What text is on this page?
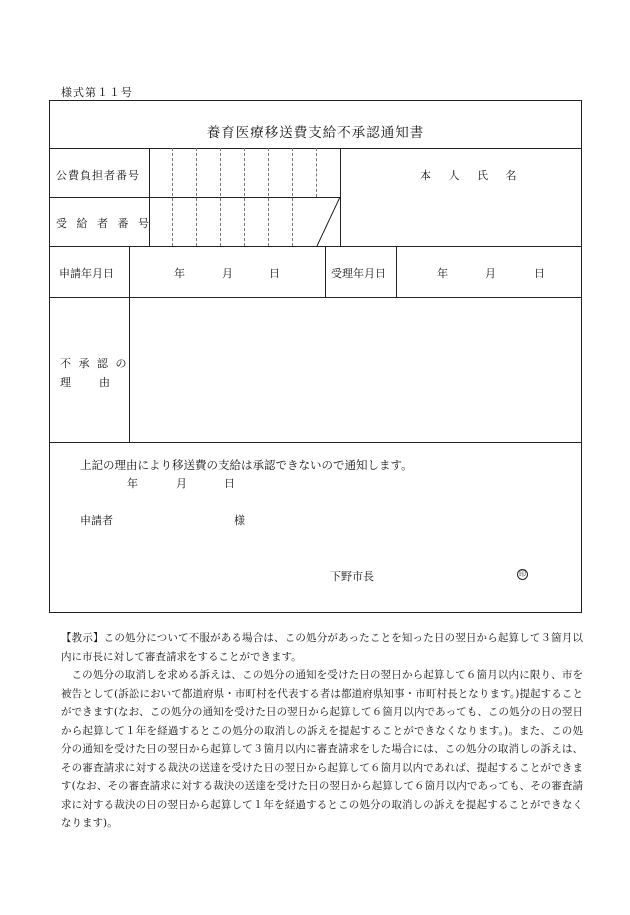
様式第１１号
養育医療移送費支給不承認通知書
公費負担者番号
受 給 者 番 号
本 人 氏 名
申請年月日	年	月	日	受理年月日	年	月	日
不 承 認 の
理　　由
上記の理由により移送費の支給は承認できないので通知します。
年	月	日
申請者	様
下野市長	印

【教示】この処分について不服がある場合は、この処分があったことを知った日の翌日から起算して３箇月以内に市長に対して審査請求をすることができます。

この処分の取消しを求める訴えは、この処分の通知を受けた日の翌日から起算して６箇月以内に限り、市を被告として(訴訟において都道府県・市町村を代表する者は都道府県知事・市町村長となります。)提起することができます(なお、この処分の通知を受けた日の翌日から起算して６箇月以内であっても、この処分の日の翌日から起算して１年を経過するとこの処分の取消しの訴えを提起することができなくなります。)。また、この処分の通知を受けた日の翌日から起算して３箇月以内に審査請求をした場合には、この処分の取消しの訴えは、その審査請求に対する裁決の送達を受けた日の翌日から起算して６箇月以内であれば、提起することができます(なお、その審査請求に対する裁決の送達を受けた日の翌日から起算して６箇月以内であっても、その審査請求に対する裁決の日の翌日から起算して１年を経過するとこの処分の取消しの訴えを提起することができなくなります)。
